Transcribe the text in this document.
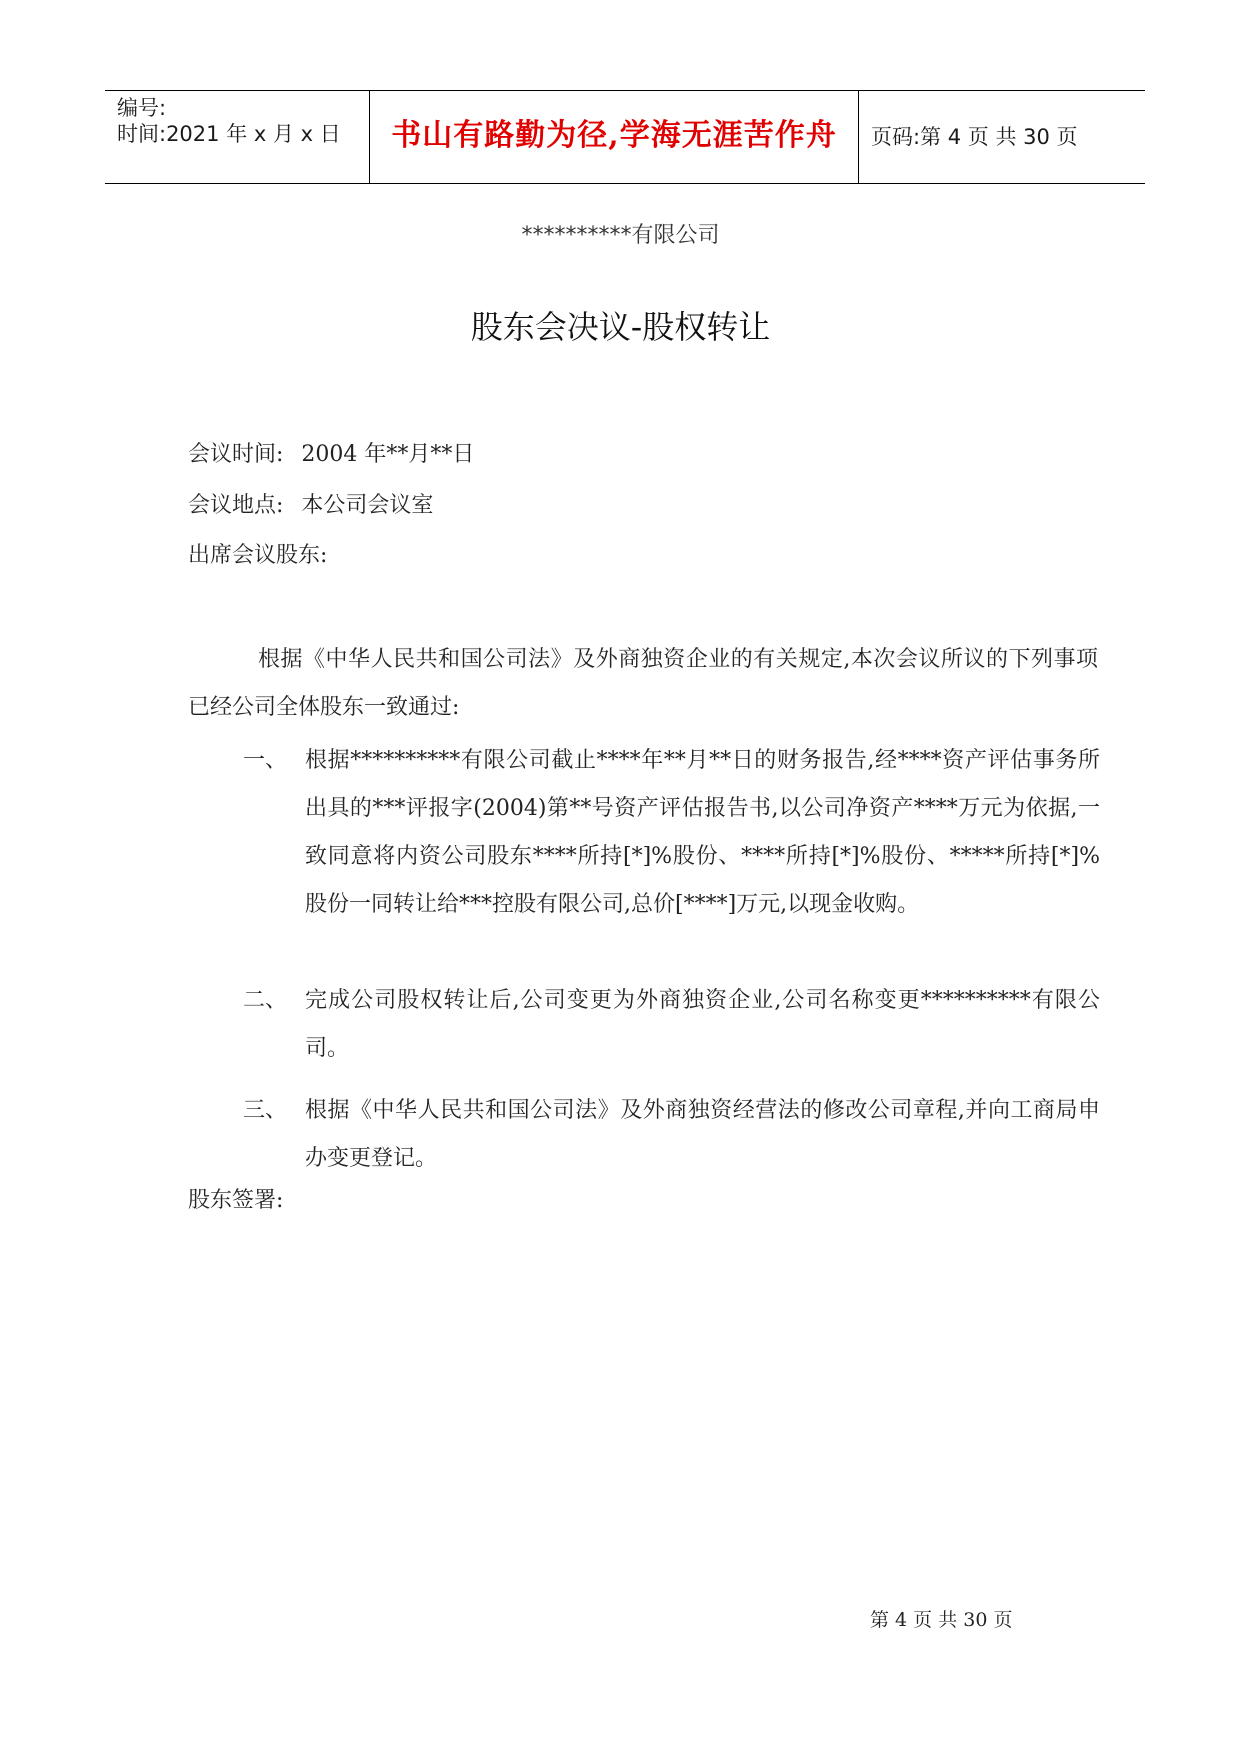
编号:
时间:2021 年 x 月 x 日	书山有路勤为径,学海无涯苦作舟	页码:第 4 页 共 30 页
**********有限公司
股东会决议-股权转让
会议时间: 2004 年**月**日
会议地点: 本公司会议室
出席会议股东:

根据《中华人民共和国公司法》及外商独资企业的有关规定,本次会议所议的下列事项已经公司全体股东一致通过:

一、 根据**********有限公司截止****年**月**日的财务报告,经****资产评估事务所出具的***评报字(2004)第**号资产评估报告书,以公司净资产****万元为依据,一致同意将内资公司股东****所持[*]%股份、****所持[*]%股份、*****所持[*]%股份一同转让给***控股有限公司,总价[****]万元,以现金收购。

二、 完成公司股权转让后,公司变更为外商独资企业,公司名称变更**********有限公司。

三、 根据《中华人民共和国公司法》及外商独资经营法的修改公司章程,并向工商局申办变更登记。

股东签署:
第 4 页 共 30 页
